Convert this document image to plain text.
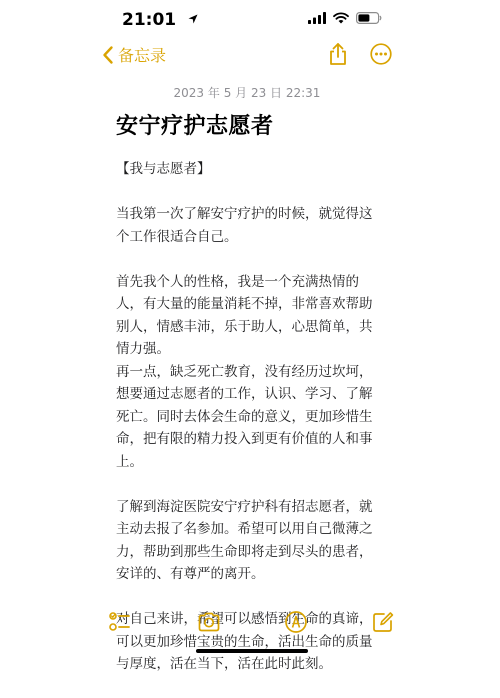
21:01
备忘录
2023 年 5 月 23 日 22:31
安宁疗护志愿者

【我与志愿者】

当我第一次了解安宁疗护的时候，就觉得这个工作很适合自己。

首先我个人的性格，我是一个充满热情的人，有大量的能量消耗不掉，非常喜欢帮助别人，情感丰沛，乐于助人，心思简单，共情力强。

再一点，缺乏死亡教育，没有经历过坎坷，想要通过志愿者的工作，认识、学习、了解死亡。同时去体会生命的意义，更加珍惜生命，把有限的精力投入到更有价值的人和事上。

了解到海淀医院安宁疗护科有招志愿者，就主动去报了名参加。希望可以用自己微薄之力，帮助到那些生命即将走到尽头的患者，安详的、有尊严的离开。

对自己来讲，希望可以感悟到生命的真谛，可以更加珍惜宝贵的生命，活出生命的质量与厚度，活在当下，活在此时此刻。
